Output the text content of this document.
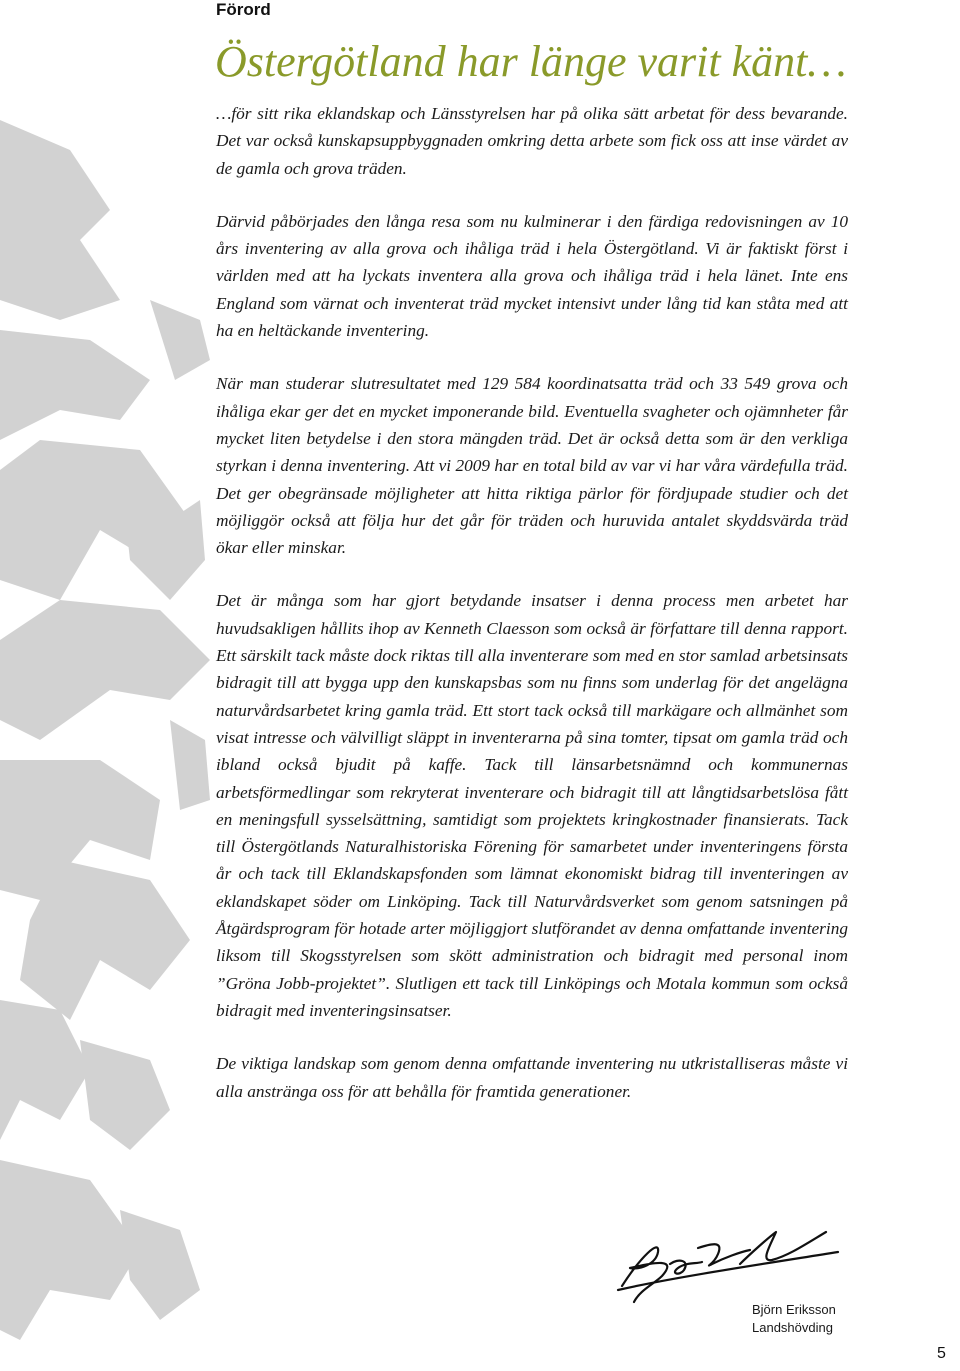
Förord
Östergötland har länge varit känt…

…för sitt rika eklandskap och Länsstyrelsen har på olika sätt arbetat för dess bevarande. Det var också kunskapsuppbyggnaden omkring detta arbete som fick oss att inse värdet av de gamla och grova träden.

Därvid påbörjades den långa resa som nu kulminerar i den färdiga redovisningen av 10 års inventering av alla grova och ihåliga träd i hela Östergötland. Vi är faktiskt först i världen med att ha lyckats inventera alla grova och ihåliga träd i hela länet. Inte ens England som värnat och inventerat träd mycket intensivt under lång tid kan ståta med att ha en heltäckande inventering.

När man studerar slutresultatet med 129 584 koordinatsatta träd och 33 549 grova och ihåliga ekar ger det en mycket imponerande bild. Eventuella svagheter och ojämnheter får mycket liten betydelse i den stora mängden träd. Det är också detta som är den verkliga styrkan i denna inventering. Att vi 2009 har en total bild av var vi har våra värdefulla träd. Det ger obegränsade möjligheter att hitta riktiga pärlor för fördjupade studier och det möjliggör också att följa hur det går för träden och huruvida antalet skyddsvärda träd ökar eller minskar.

Det är många som har gjort betydande insatser i denna process men arbetet har huvudsakligen hållits ihop av Kenneth Claesson som också är författare till denna rapport. Ett särskilt tack måste dock riktas till alla inventerare som med en stor samlad arbetsinsats bidragit till att bygga upp den kunskapsbas som nu finns som underlag för det angelägna naturvårdsarbetet kring gamla träd. Ett stort tack också till markägare och allmänhet som visat intresse och välvilligt släppt in inventerarna på sina tomter, tipsat om gamla träd och ibland också bjudit på kaffe. Tack till länsarbetsnämnd och kommunernas arbetsförmedlingar som rekryterat inventerare och bidragit till att långtidsarbetslösa fått en meningsfull sysselsättning, samtidigt som projektets kringkostnader finansierats. Tack till Östergötlands Naturalhistoriska Förening för samarbetet under inventeringens första år och tack till Eklandskapsfonden som lämnat ekonomiskt bidrag till inventeringen av eklandskapet söder om Linköping. Tack till Naturvårdsverket som genom satsningen på Åtgärdsprogram för hotade arter möjliggjort slutförandet av denna omfattande inventering liksom till Skogsstyrelsen som skött administration och bidragit med personal inom ”Gröna Jobb-projektet”. Slutligen ett tack till Linköpings och Motala kommun som också bidragit med inventeringsinsatser.

De viktiga landskap som genom denna omfattande inventering nu utkristalliseras måste vi alla anstränga oss för att behålla för framtida generationer.

Björn Eriksson
Landshövding
5
